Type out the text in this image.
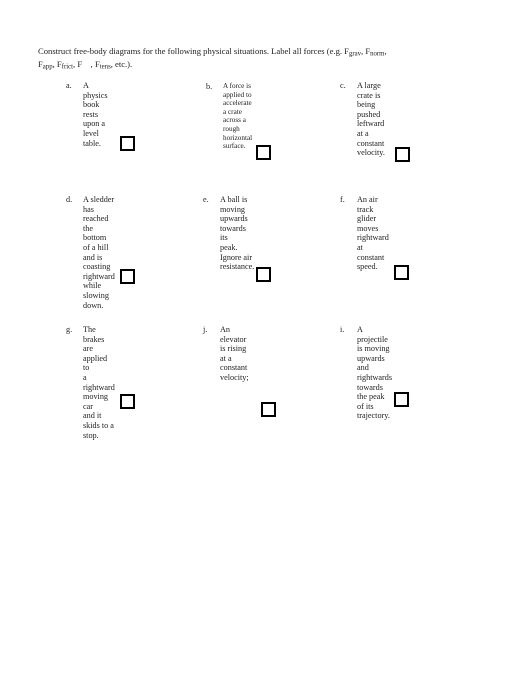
Construct free-body diagrams for the following physical situations. Label all forces (e.g. $F_{grav}$, $F_{norm}$,
$F_{app}$, $F_{frict}$, F    , $F_{tens}$, etc.).
a. A physics book rests
upon a level table.
b. A force is applied to
accelerate a crate across a
rough horizontal surface.
c. A large crate is being
pushed leftward at a
constant velocity.
d. A sledder has reached
the bottom of a hill and is
coasting rightward while
slowing down.
e. A ball is moving
upwards towards its
peak. Ignore air
resistance.
f. An air track glider moves
rightward at constant
speed.
g. The brakes are applied to
a rightward moving car
and it skids to a stop.
j. An elevator is rising at a
constant velocity;
i. A projectile is moving
upwards and rightwards
towards the peak of its
trajectory.
